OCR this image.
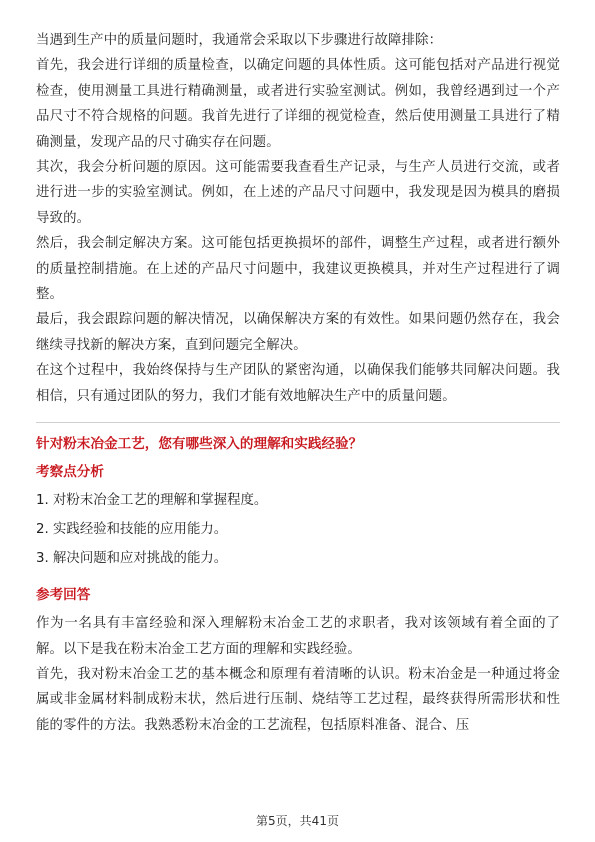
当遇到生产中的质量问题时，我通常会采取以下步骤进行故障排除：

首先，我会进行详细的质量检查，以确定问题的具体性质。这可能包括对产品进行视觉检查，使用测量工具进行精确测量，或者进行实验室测试。例如，我曾经遇到过一个产品尺寸不符合规格的问题。我首先进行了详细的视觉检查，然后使用测量工具进行了精确测量，发现产品的尺寸确实存在问题。

其次，我会分析问题的原因。这可能需要我查看生产记录，与生产人员进行交流，或者进行进一步的实验室测试。例如，在上述的产品尺寸问题中，我发现是因为模具的磨损导致的。

然后，我会制定解决方案。这可能包括更换损坏的部件，调整生产过程，或者进行额外的质量控制措施。在上述的产品尺寸问题中，我建议更换模具，并对生产过程进行了调整。

最后，我会跟踪问题的解决情况，以确保解决方案的有效性。如果问题仍然存在，我会继续寻找新的解决方案，直到问题完全解决。

在这个过程中，我始终保持与生产团队的紧密沟通，以确保我们能够共同解决问题。我相信，只有通过团队的努力，我们才能有效地解决生产中的质量问题。

针对粉末冶金工艺，您有哪些深入的理解和实践经验？

考察点分析

1. 对粉末冶金工艺的理解和掌握程度。

2. 实践经验和技能的应用能力。

3. 解决问题和应对挑战的能力。

参考回答

作为一名具有丰富经验和深入理解粉末冶金工艺的求职者，我对该领域有着全面的了解。以下是我在粉末冶金工艺方面的理解和实践经验。

首先，我对粉末冶金工艺的基本概念和原理有着清晰的认识。粉末冶金是一种通过将金属或非金属材料制成粉末状，然后进行压制、烧结等工艺过程，最终获得所需形状和性能的零件的方法。我熟悉粉末冶金的工艺流程，包括原料准备、混合、压

第5页，共41页
